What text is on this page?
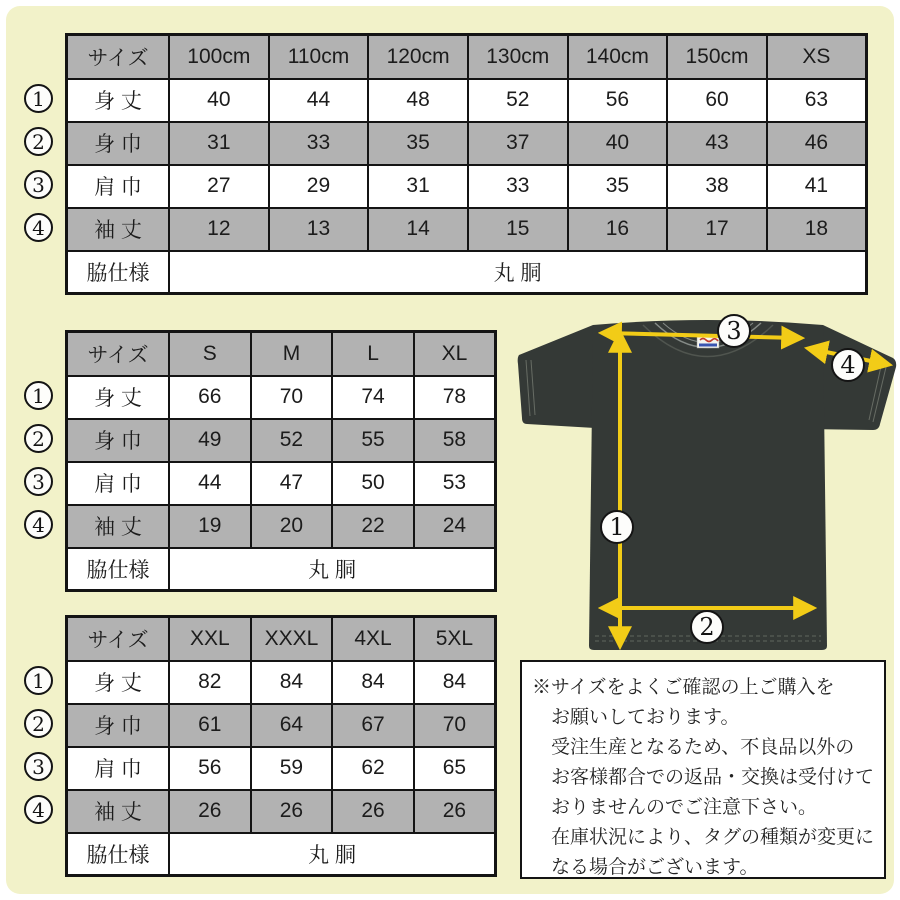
サイズ	100cm	110cm	120cm	130cm	140cm	150cm	XS
身 丈	40	44	48	52	56	60	63
身 巾	31	33	35	37	40	43	46
肩 巾	27	29	31	33	35	38	41
袖 丈	12	13	14	15	16	17	18
脇仕様	丸 胴						
サイズ	S	M	L	XL
身 丈	66	70	74	78
身 巾	49	52	55	58
肩 巾	44	47	50	53
袖 丈	19	20	22	24
脇仕様	丸 胴			
サイズ	XXL	XXXL	4XL	5XL
身 丈	82	84	84	84
身 巾	61	64	67	70
肩 巾	56	59	62	65
袖 丈	26	26	26	26
脇仕様	丸 胴			
1
2
3
4
※サイズをよくご確認の上ご購入を
お願いしております。
受注生産となるため、不良品以外の
お客様都合での返品・交換は受付けて
おりませんのでご注意下さい。
在庫状況により、タグの種類が変更に
なる場合がございます。
1
2
3
4
1
2
3
4
1
2
3
4
